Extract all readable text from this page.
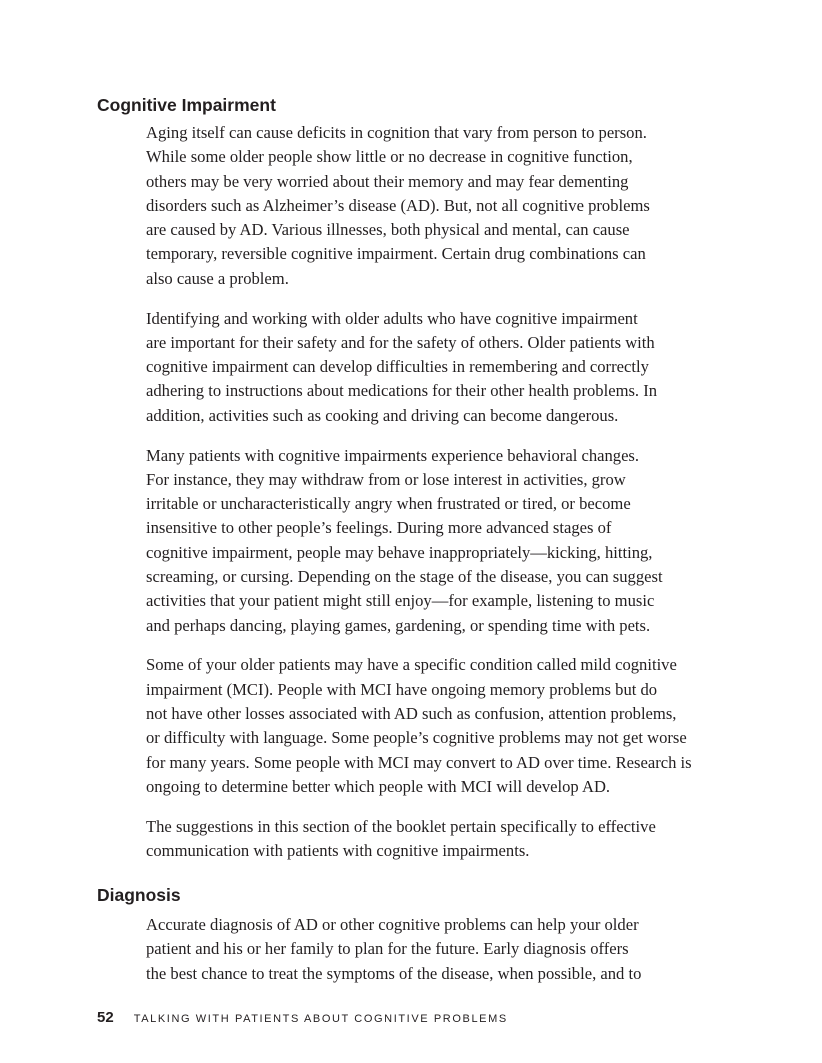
Cognitive Impairment

Aging itself can cause deficits in cognition that vary from person to person.
While some older people show little or no decrease in cognitive function,
others may be very worried about their memory and may fear dementing
disorders such as Alzheimer’s disease (AD). But, not all cognitive problems
are caused by AD. Various illnesses, both physical and mental, can cause
temporary, reversible cognitive impairment. Certain drug combinations can
also cause a problem.

Identifying and working with older adults who have cognitive impairment
are important for their safety and for the safety of others. Older patients with
cognitive impairment can develop difficulties in remembering and correctly
adhering to instructions about medications for their other health problems. In
addition, activities such as cooking and driving can become dangerous.

Many patients with cognitive impairments experience behavioral changes.
For instance, they may withdraw from or lose interest in activities, grow
irritable or uncharacteristically angry when frustrated or tired, or become
insensitive to other people’s feelings. During more advanced stages of
cognitive impairment, people may behave inappropriately—kicking, hitting,
screaming, or cursing. Depending on the stage of the disease, you can suggest
activities that your patient might still enjoy—for example, listening to music
and perhaps dancing, playing games, gardening, or spending time with pets.

Some of your older patients may have a specific condition called mild cognitive
impairment (MCI). People with MCI have ongoing memory problems but do
not have other losses associated with AD such as confusion, attention problems,
or difficulty with language. Some people’s cognitive problems may not get worse
for many years. Some people with MCI may convert to AD over time. Research is
ongoing to determine better which people with MCI will develop AD.

The suggestions in this section of the booklet pertain specifically to effective
communication with patients with cognitive impairments.

Diagnosis

Accurate diagnosis of AD or other cognitive problems can help your older
patient and his or her family to plan for the future. Early diagnosis offers
the best chance to treat the symptoms of the disease, when possible, and to

52 TALKING WITH PATIENTS ABOUT COGNITIVE PROBLEMS
